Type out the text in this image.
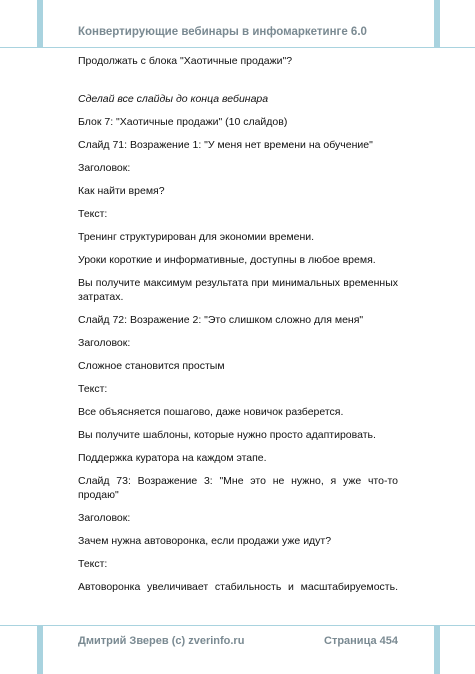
Конвертирующие вебинары в инфомаркетинге 6.0

Продолжать с блока "Хаотичные продажи"?

Сделай все слайды до конца вебинара

Блок 7: "Хаотичные продажи" (10 слайдов)

Слайд 71: Возражение 1: "У меня нет времени на обучение"

Заголовок:

Как найти время?

Текст:

Тренинг структурирован для экономии времени.

Уроки короткие и информативные, доступны в любое время.

Вы получите максимум результата при минимальных временных затратах.

Слайд 72: Возражение 2: "Это слишком сложно для меня"

Заголовок:

Сложное становится простым

Текст:

Все объясняется пошагово, даже новичок разберется.

Вы получите шаблоны, которые нужно просто адаптировать.

Поддержка куратора на каждом этапе.

Слайд 73: Возражение 3: "Мне это не нужно, я уже что-то продаю"

Заголовок:

Зачем нужна автоворонка, если продажи уже идут?

Текст:

Автоворонка увеличивает стабильность и масштабируемость.

Дмитрий Зверев (c) zverinfo.ru	Страница 454
